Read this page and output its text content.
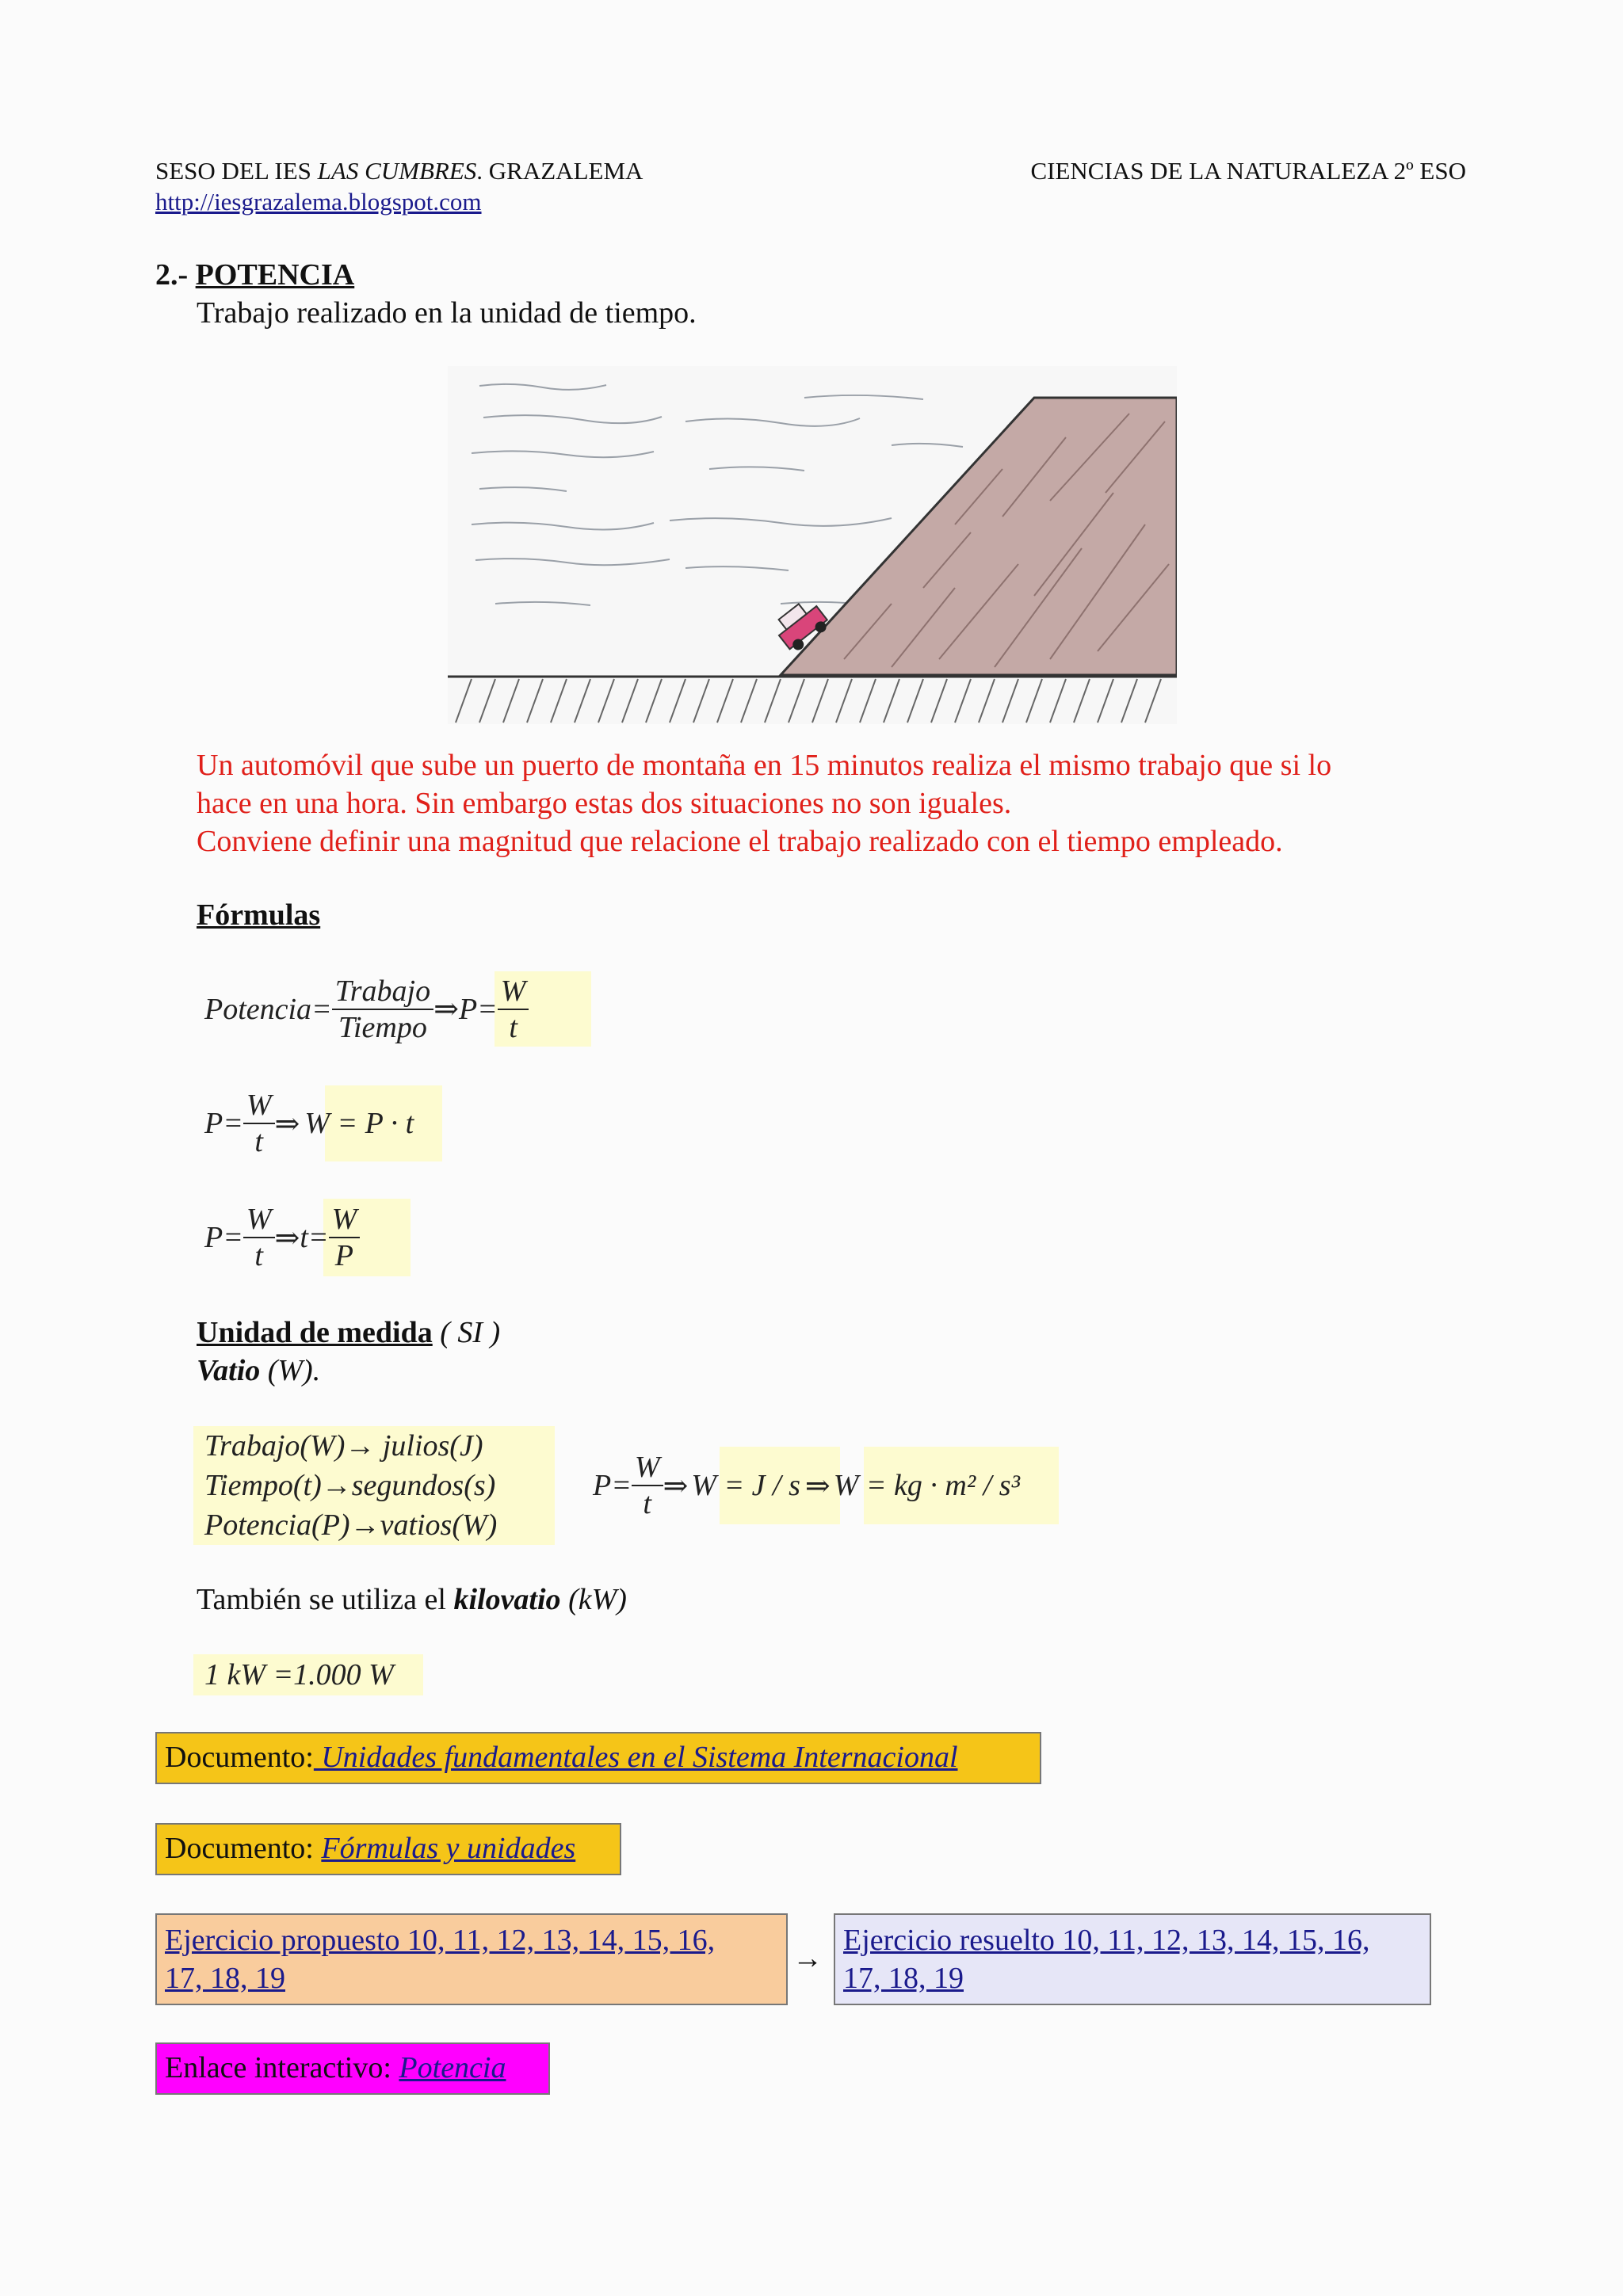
SESO DEL IES LAS CUMBRES. GRAZALEMA	CIENCIAS DE LA NATURALEZA 2º ESO
http://iesgrazalema.blogspot.com
2.- POTENCIA
Trabajo realizado en la unidad de tiempo.
Un automóvil que sube un puerto de montaña en 15 minutos realiza el mismo trabajo que si lo
hace en una hora. Sin embargo estas dos situaciones no son iguales.
Conviene definir una magnitud que relacione el trabajo realizado con el tiempo empleado.
Fórmulas
Potencia= $\frac{\text{Trabajo}}{\text{Tiempo}}$ ⇒ $P= \frac{W}{t}$
$P= \frac{W}{t}$ ⇒ W = P · t
$P= \frac{W}{t}$ ⇒ $t= \frac{W}{P}$
Unidad de medida ( SI )
Vatio (W).
Trabajo(W)→ julios(J)
Tiempo(t)→segundos(s)
Potencia(P)→vatios(W)
$P= \frac{W}{t}$ ⇒ W = J / s ⇒ W = kg · m² / s³
También se utiliza el kilovatio (kW)
1 kW =1.000 W
Documento: Unidades fundamentales en el Sistema Internacional
Documento: Fórmulas y unidades
Ejercicio propuesto 10, 11, 12, 13, 14, 15, 16,
17, 18, 19
→
Ejercicio resuelto 10, 11, 12, 13, 14, 15, 16,
17, 18, 19
Enlace interactivo: Potencia
